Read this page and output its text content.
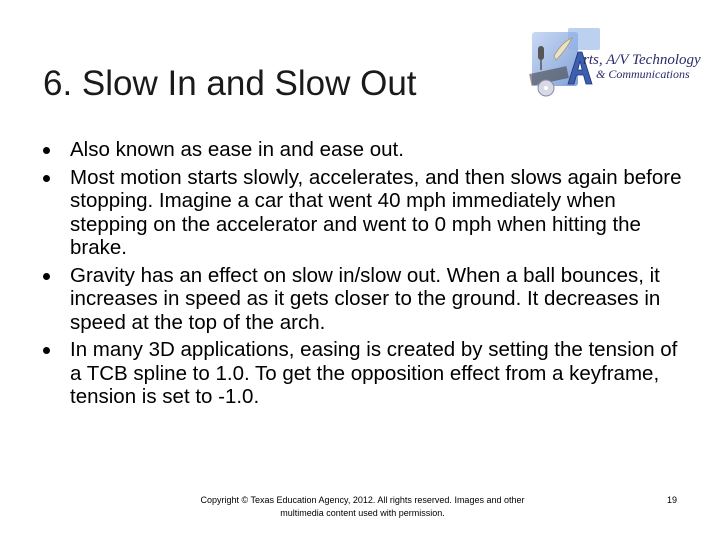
6. Slow In and Slow Out
rts, A/V Technology
& Communications
Also known as ease in and ease out.
Most motion starts slowly, accelerates, and then slows again before stopping. Imagine a car that went 40 mph immediately when stepping on the accelerator and went to 0 mph when hitting the brake.
Gravity has an effect on slow in/slow out. When a ball bounces, it increases in speed as it gets closer to the ground. It decreases in speed at the top of the arch.
In many 3D applications, easing is created by setting the tension of a TCB spline to 1.0. To get the opposition effect from a keyframe, tension is set to -1.0.
Copyright © Texas Education Agency, 2012. All rights reserved. Images and other multimedia content used with permission.
19
